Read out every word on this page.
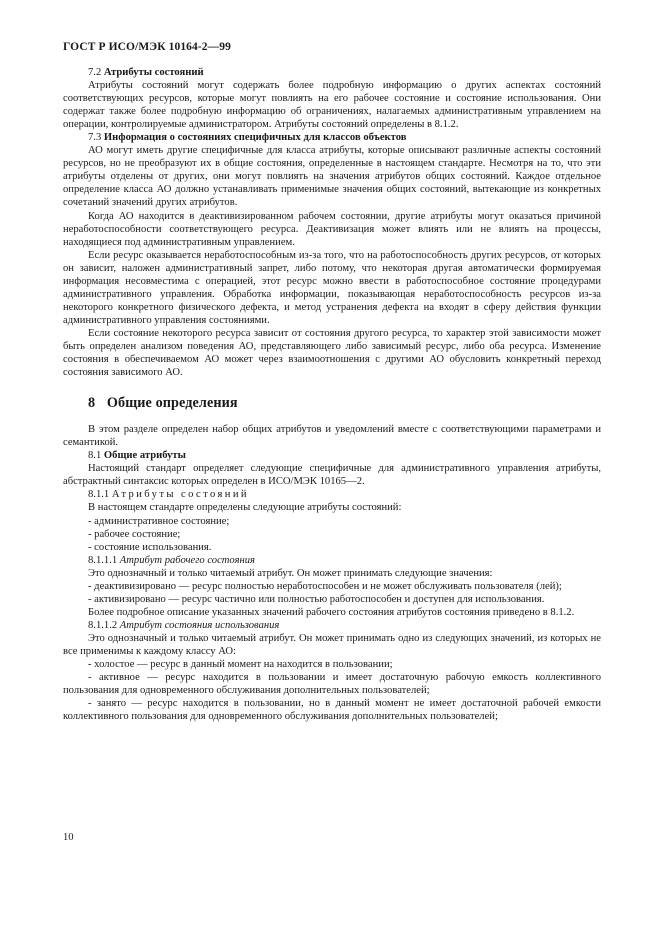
ГОСТ Р ИСО/МЭК 10164-2—99

7.2 Атрибуты состояний

Атрибуты состояний могут содержать более подробную информацию о других аспектах состояний соответствующих ресурсов, которые могут повлиять на его рабочее состояние и состояние использования. Они содержат также более подробную информацию об ограничениях, налагаемых административным управлением на операции, контролируемые администратором. Атрибуты состояний определены в 8.1.2.

7.3 Информация о состояниях специфичных для классов объектов

АО могут иметь другие специфичные для класса атрибуты, которые описывают различные аспекты состояний ресурсов, но не преобразуют их в общие состояния, определенные в настоящем стандарте. Несмотря на то, что эти атрибуты отделены от других, они могут повлиять на значения атрибутов общих состояний. Каждое отдельное определение класса АО должно устанавливать применимые значения общих состояний, вытекающие из конкретных сочетаний значений других атрибутов.

Когда АО находится в деактивизированном рабочем состоянии, другие атрибуты могут оказаться причиной неработоспособности соответствующего ресурса. Деактивизация может влиять или не влиять на процессы, находящиеся под административным управлением.

Если ресурс оказывается неработоспособным из-за того, что на работоспособность других ресурсов, от которых он зависит, наложен административный запрет, либо потому, что некоторая другая автоматически формируемая информация несовместима с операцией, этот ресурс можно ввести в работоспособное состояние процедурами административного управления. Обработка информации, показывающая неработоспособность ресурсов из-за некоторого конкретного физического дефекта, и метод устранения дефекта на входят в сферу действия функции административного управления состояниями.

Если состояние некоторого ресурса зависит от состояния другого ресурса, то характер этой зависимости может быть определен анализом поведения АО, представляющего либо зависимый ресурс, либо оба ресурса. Изменение состояния в обеспечиваемом АО может через взаимоотношения с другими АО обусловить конкретный переход состояния зависимого АО.

8 Общие определения

В этом разделе определен набор общих атрибутов и уведомлений вместе с соответствующими параметрами и семантикой.

8.1 Общие атрибуты

Настоящий стандарт определяет следующие специфичные для административного управления атрибуты, абстрактный синтаксис которых определен в ИСО/МЭК 10165—2.

8.1.1 Атрибуты состояний

В настоящем стандарте определены следующие атрибуты состояний:

- административное состояние;

- рабочее состояние;

- состояние использования.

8.1.1.1 Атрибут рабочего состояния

Это однозначный и только читаемый атрибут. Он может принимать следующие значения:

- деактивизировано — ресурс полностью неработоспособен и не может обслуживать пользователя (лей);

- активизировано — ресурс частично или полностью работоспособен и доступен для использования.

Более подробное описание указанных значений рабочего состояния атрибутов состояния приведено в 8.1.2.

8.1.1.2 Атрибут состояния использования

Это однозначный и только читаемый атрибут. Он может принимать одно из следующих значений, из которых не все применимы к каждому классу АО:

- холостое — ресурс в данный момент на находится в пользовании;

- активное — ресурс находится в пользовании и имеет достаточную рабочую емкость коллективного пользования для одновременного обслуживания дополнительных пользователей;

- занято — ресурс находится в пользовании, но в данный момент не имеет достаточной рабочей емкости коллективного пользования для одновременного обслуживания дополнительных пользователей;

10
